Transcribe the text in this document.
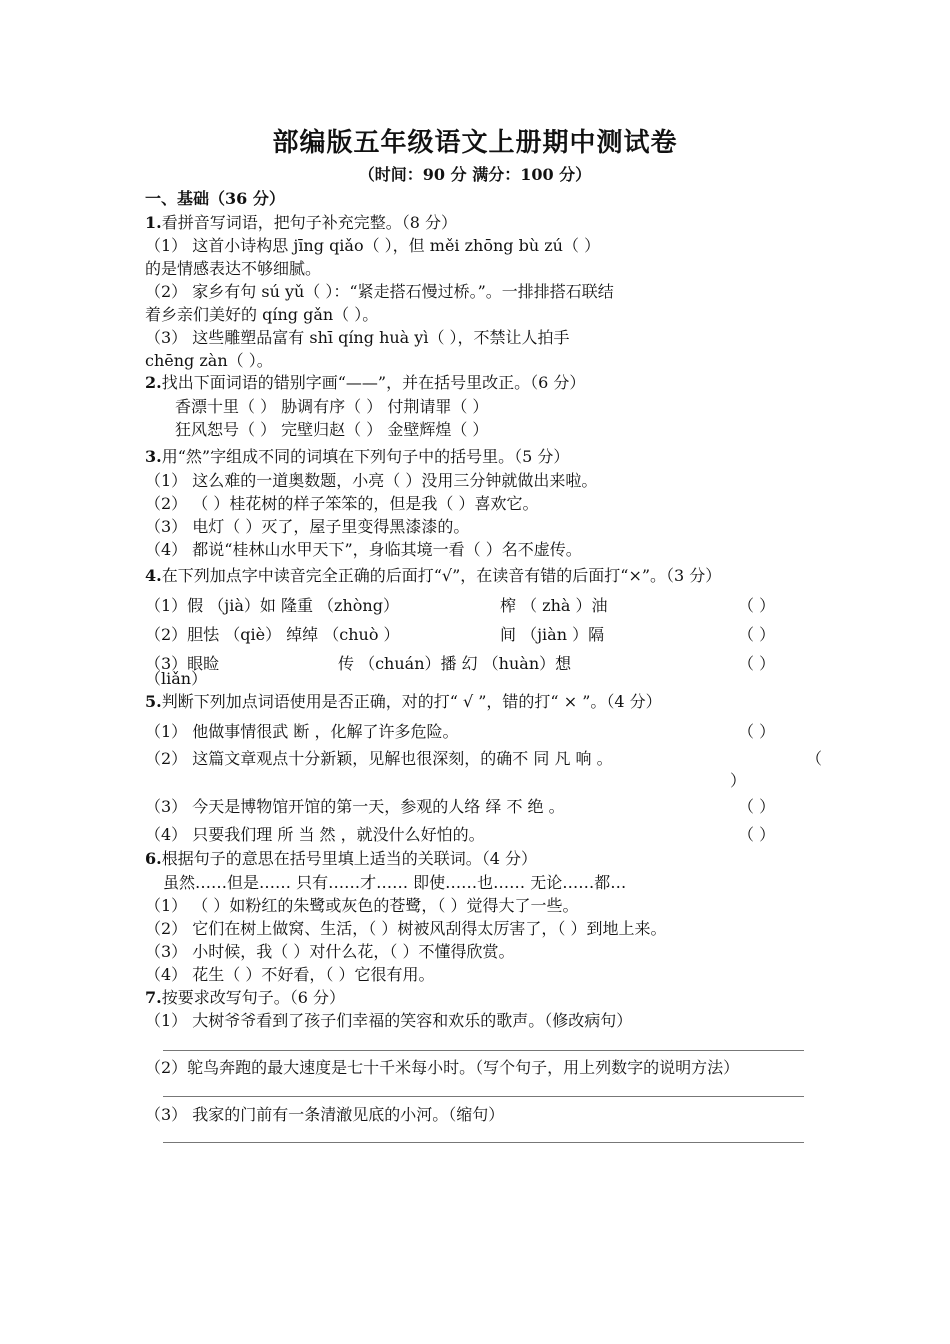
部编版五年级语文上册期中测试卷
（时间：90 分 满分：100 分）
一、基础（36 分）
1.看拼音写词语，把句子补充完整。（8 分）
（1） 这首小诗构思 jīng qiǎo（ ），但 měi zhōng bù zú（ ）
的是情感表达不够细腻。
（2） 家乡有句 sú yǔ（ ）：“紧走搭石慢过桥。”。一排排搭石联结
着乡亲们美好的 qíng gǎn（ ）。
（3） 这些雕塑品富有 shī qíng huà yì（ ），不禁让人拍手
chēng zàn（ ）。
2.找出下面词语的错别字画“——”，并在括号里改正。（6 分）
香漂十里（ ） 胁调有序（ ） 付荆请罪（ ）
狂风恕号（ ） 完壁归赵（ ） 金壁辉煌（ ）
3.用“然”字组成不同的词填在下列句子中的括号里。（5 分）
（1） 这么难的一道奥数题，小亮（ ）没用三分钟就做出来啦。
（2） （ ）桂花树的样子笨笨的，但是我（ ）喜欢它。
（3） 电灯（ ）灭了，屋子里变得黑漆漆的。
（4） 都说“桂林山水甲天下”，身临其境一看（ ）名不虚传。
4.在下列加点字中读音完全正确的后面打“√”，在读音有错的后面打“×”。（3 分）
（1）假 （jià）如 隆重 （zhòng）	榨 （ zhà ）油	（ ）
（2）胆怯 （qiè） 绰绰 （chuò ）	间 （jiàn ）隔	（ ）
（3）眼睑	传 （chuán）播 幻 （huàn）想	（ ）
（liǎn）
5.判断下列加点词语使用是否正确，对的打“ √ ”，错的打“ × ”。（4 分）
（1） 他做事情很武 断 ，化解了许多危险。	（ ）
（2） 这篇文章观点十分新颖，见解也很深刻，的确不 同 凡 响 。	（
）
（3） 今天是博物馆开馆的第一天，参观的人络 绎 不 绝 。	（ ）
（4） 只要我们理 所 当 然 ，就没什么好怕的。	（ ）
6.根据句子的意思在括号里填上适当的关联词。（4 分）
虽然……但是…… 只有……才…… 即使……也…… 无论……都…
（1） （ ）如粉红的朱鹭或灰色的苍鹭，（ ）觉得大了一些。
（2） 它们在树上做窝、生活，（ ）树被风刮得太厉害了，（ ）到地上来。
（3） 小时候，我（ ）对什么花，（ ）不懂得欣赏。
（4） 花生（ ）不好看，（ ）它很有用。
7.按要求改写句子。（6 分）
（1） 大树爷爷看到了孩子们幸福的笑容和欢乐的歌声。（修改病句）
（2）鸵鸟奔跑的最大速度是七十千米每小时。（写个句子，用上列数字的说明方法）
（3） 我家的门前有一条清澈见底的小河。（缩句）
